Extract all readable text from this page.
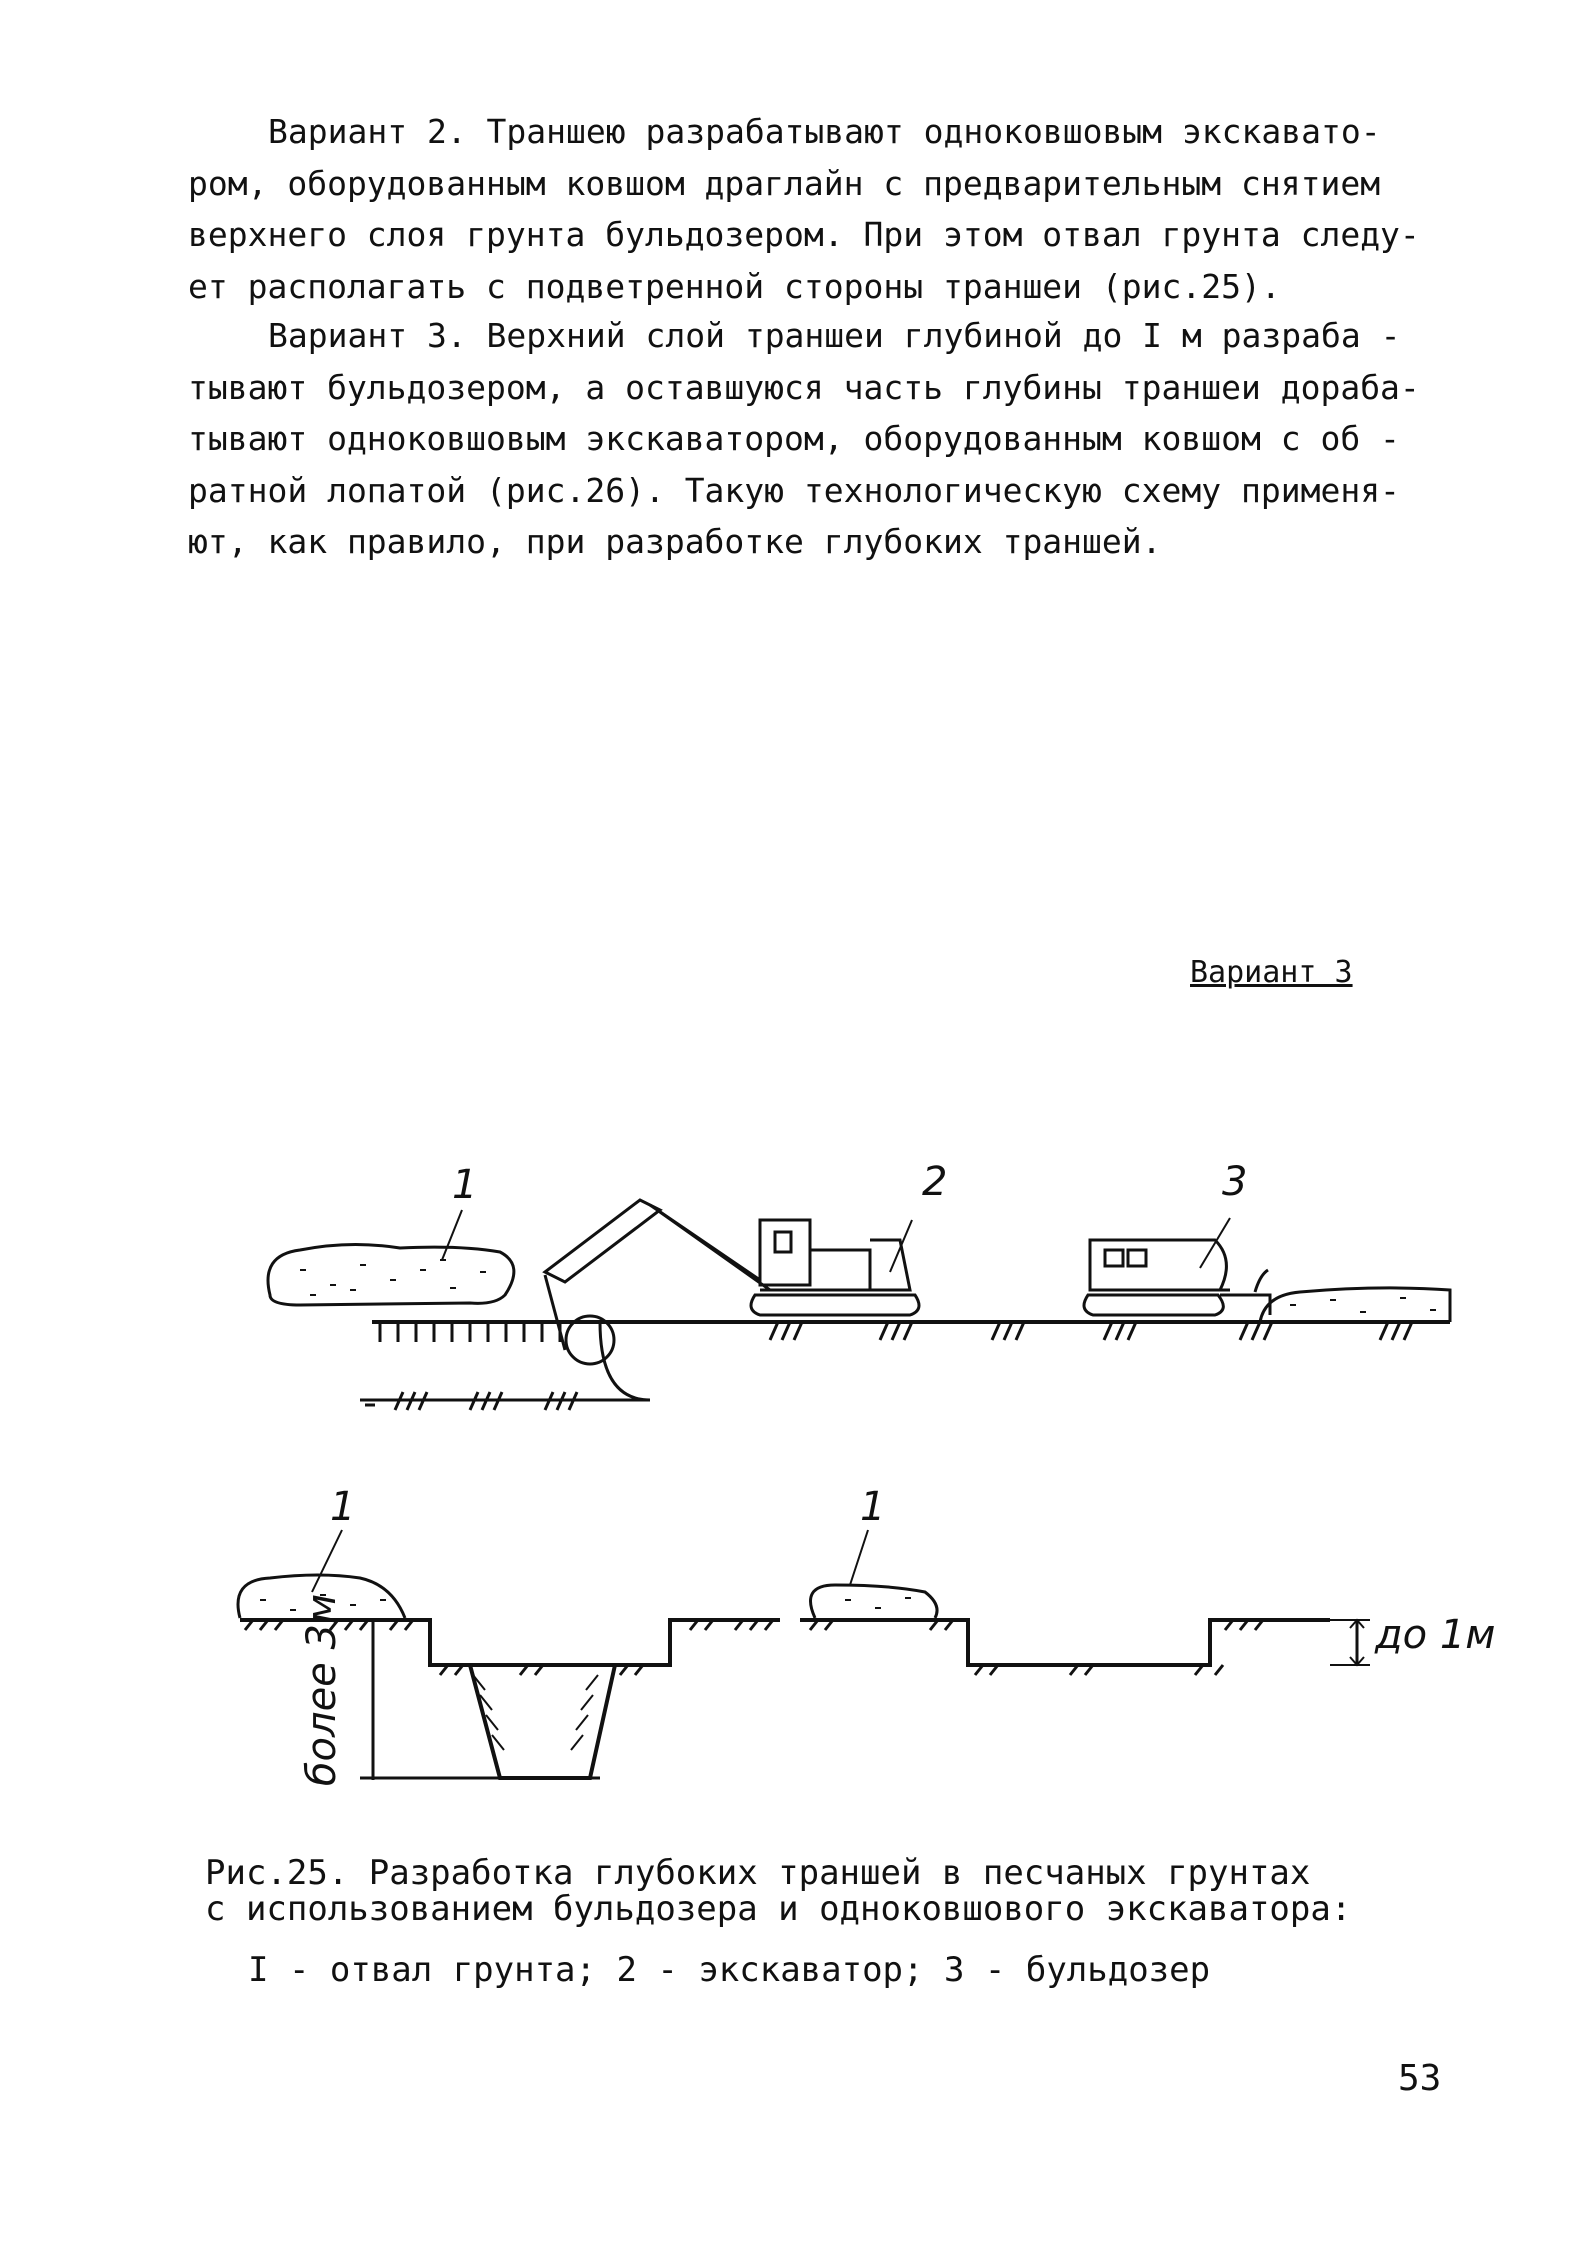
Вариант 2. Траншею разрабатывают одноковшовым экскавато-
ром, оборудованным ковшом драглайн с предварительным снятием
верхнего слоя грунта бульдозером. При этом отвал грунта следу-
ет располагать с подветренной стороны траншеи (рис.25).
Вариант 3. Верхний слой траншеи глубиной до I м разраба -
тывают бульдозером, а оставшуюся часть глубины траншеи дораба-
тывают одноковшовым экскаватором, оборудованным ковшом с об -
ратной лопатой (рис.26). Такую технологическую схему применя-
ют, как правило, при разработке глубоких траншей.
Вариант 3
1	2	3
1	1
более 3м	до 1м
Рис.25. Разработка глубоких траншей в песчаных грунтах
с использованием бульдозера и одноковшового экскаватора:
I - отвал грунта; 2 - экскаватор; 3 - бульдозер
53
